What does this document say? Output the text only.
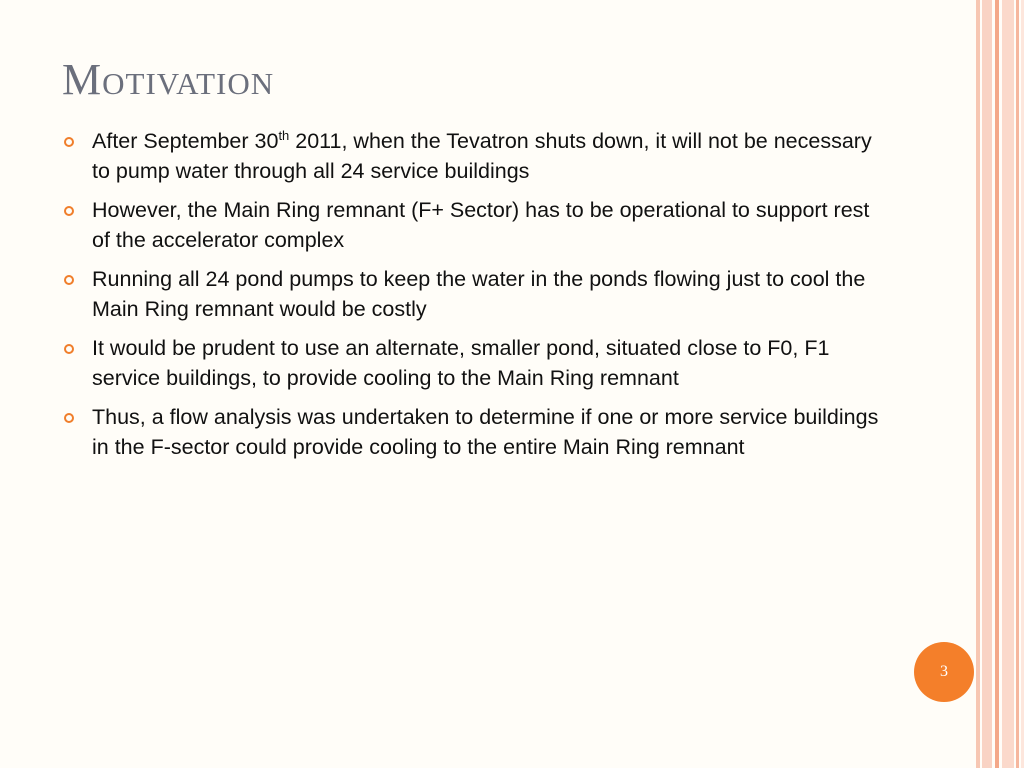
Motivation
After September 30th 2011, when the Tevatron shuts down, it will not be necessary to pump water through all 24 service buildings
However, the Main Ring remnant (F+ Sector) has to be operational to support rest of the accelerator complex
Running all 24 pond pumps to keep the water in the ponds flowing just to cool the Main Ring remnant would be costly
It would be prudent to use an alternate, smaller pond, situated close to F0, F1 service buildings, to provide cooling to the Main Ring remnant
Thus, a flow analysis was undertaken to determine if one or more service buildings in the F-sector could provide cooling to the entire Main Ring remnant
3
